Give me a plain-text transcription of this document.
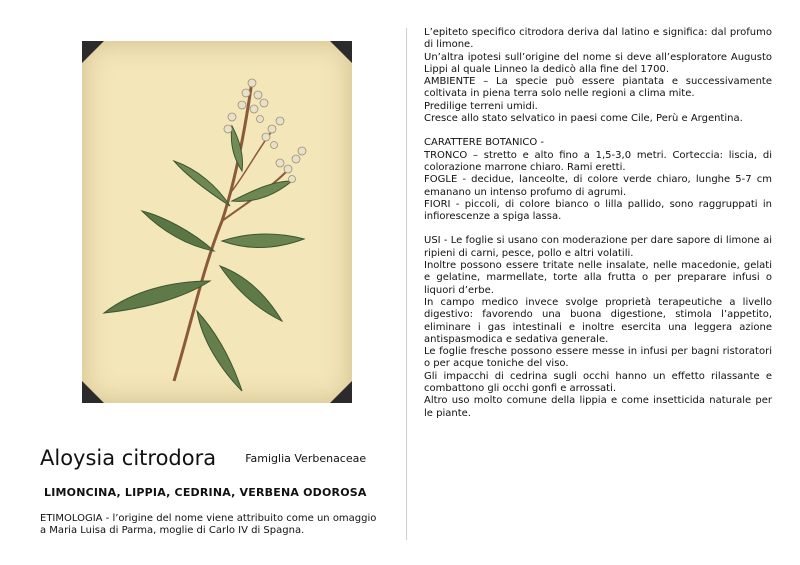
Aloysia citrodora	Famiglia Verbenaceae
LIMONCINA, LIPPIA, CEDRINA, VERBENA ODOROSA
ETIMOLOGIA - l’origine del nome viene attribuito come un omaggio a Maria Luisa di Parma, moglie di Carlo IV di Spagna.

L’epiteto specifico citrodora deriva dal latino e significa: dal profumo di limone.

Un’altra ipotesi sull’origine del nome si deve all’esploratore Augusto Lippi al quale Linneo la dedicò alla fine del 1700.

AMBIENTE – La specie può essere piantata e successivamente coltivata in piena terra solo nelle regioni a clima mite.

Predilige terreni umidi.

Cresce allo stato selvatico in paesi come Cile, Perù e Argentina.

CARATTERE BOTANICO -

TRONCO – stretto e alto fino a 1,5-3,0 metri. Corteccia: liscia, di colorazione marrone chiaro. Rami eretti.

FOGLE - decidue, lanceolte, di colore verde chiaro, lunghe 5-7 cm emanano un intenso profumo di agrumi.

FIORI - piccoli, di colore bianco o lilla pallido, sono raggruppati in infiorescenze a spiga lassa.

USI - Le foglie si usano con moderazione per dare sapore di limone ai ripieni di carni, pesce, pollo e altri volatili.

Inoltre possono essere tritate nelle insalate, nelle macedonie, gelati e gelatine, marmellate, torte alla frutta o per preparare infusi o liquori d’erbe.

In campo medico invece svolge proprietà terapeutiche a livello digestivo: favorendo una buona digestione, stimola l’appetito, eliminare i gas intestinali e inoltre esercita una leggera azione antispasmodica e sedativa generale.

Le foglie fresche possono essere messe in infusi per bagni ristoratori o per acque toniche del viso.

Gli impacchi di cedrina sugli occhi hanno un effetto rilassante e combattono gli occhi gonfi e arrossati.

Altro uso molto comune della lippia e come insetticida naturale per le piante.
